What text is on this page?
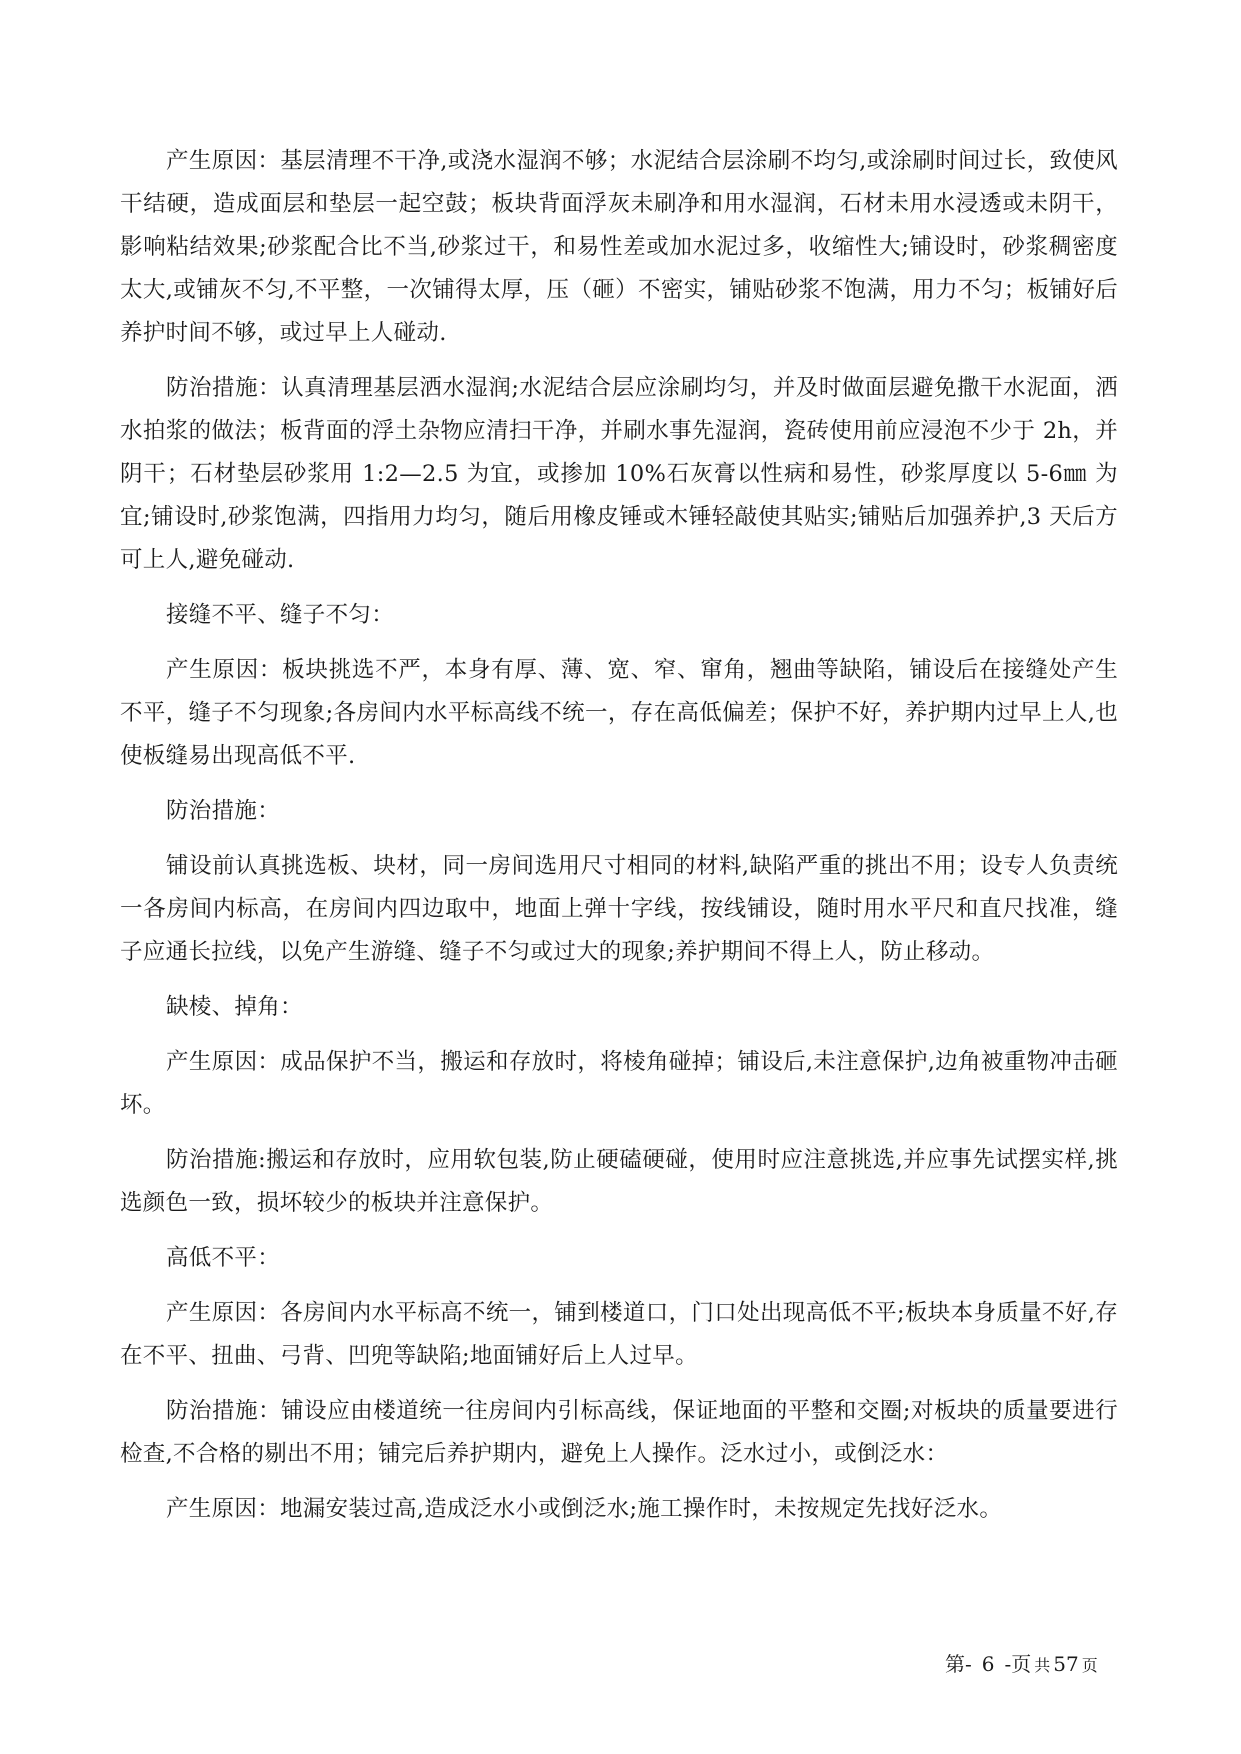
产生原因：基层清理不干净,或浇水湿润不够；水泥结合层涂刷不均匀,或涂刷时间过长，致使风干结硬，造成面层和垫层一起空鼓；板块背面浮灰未刷净和用水湿润，石材未用水浸透或未阴干，影响粘结效果;砂浆配合比不当,砂浆过干，和易性差或加水泥过多，收缩性大;铺设时，砂浆稠密度太大,或铺灰不匀,不平整，一次铺得太厚，压（砸）不密实，铺贴砂浆不饱满，用力不匀；板铺好后养护时间不够，或过早上人碰动.

防治措施：认真清理基层洒水湿润;水泥结合层应涂刷均匀，并及时做面层避免撒干水泥面，洒水拍浆的做法；板背面的浮土杂物应清扫干净，并刷水事先湿润，瓷砖使用前应浸泡不少于 2h，并阴干；石材垫层砂浆用 1:2—2.5 为宜，或掺加 10%石灰膏以性病和易性，砂浆厚度以 5-6㎜ 为宜;铺设时,砂浆饱满，四指用力均匀，随后用橡皮锤或木锤轻敲使其贴实;铺贴后加强养护,3 天后方可上人,避免碰动.

接缝不平、缝子不匀：

产生原因：板块挑选不严，本身有厚、薄、宽、窄、窜角，翘曲等缺陷，铺设后在接缝处产生不平，缝子不匀现象;各房间内水平标高线不统一，存在高低偏差；保护不好，养护期内过早上人,也使板缝易出现高低不平.

防治措施：

铺设前认真挑选板、块材，同一房间选用尺寸相同的材料,缺陷严重的挑出不用；设专人负责统一各房间内标高，在房间内四边取中，地面上弹十字线，按线铺设，随时用水平尺和直尺找准，缝子应通长拉线，以免产生游缝、缝子不匀或过大的现象;养护期间不得上人，防止移动。

缺棱、掉角：

产生原因：成品保护不当，搬运和存放时，将棱角碰掉；铺设后,未注意保护,边角被重物冲击砸坏。

防治措施:搬运和存放时，应用软包装,防止硬磕硬碰，使用时应注意挑选,并应事先试摆实样,挑选颜色一致，损坏较少的板块并注意保护。

高低不平：

产生原因：各房间内水平标高不统一，铺到楼道口，门口处出现高低不平;板块本身质量不好,存在不平、扭曲、弓背、凹兜等缺陷;地面铺好后上人过早。

防治措施：铺设应由楼道统一往房间内引标高线，保证地面的平整和交圈;对板块的质量要进行检查,不合格的剔出不用；铺完后养护期内，避免上人操作。泛水过小，或倒泛水：

产生原因：地漏安装过高,造成泛水小或倒泛水;施工操作时，未按规定先找好泛水。

第- 6 -页 共 57 页
